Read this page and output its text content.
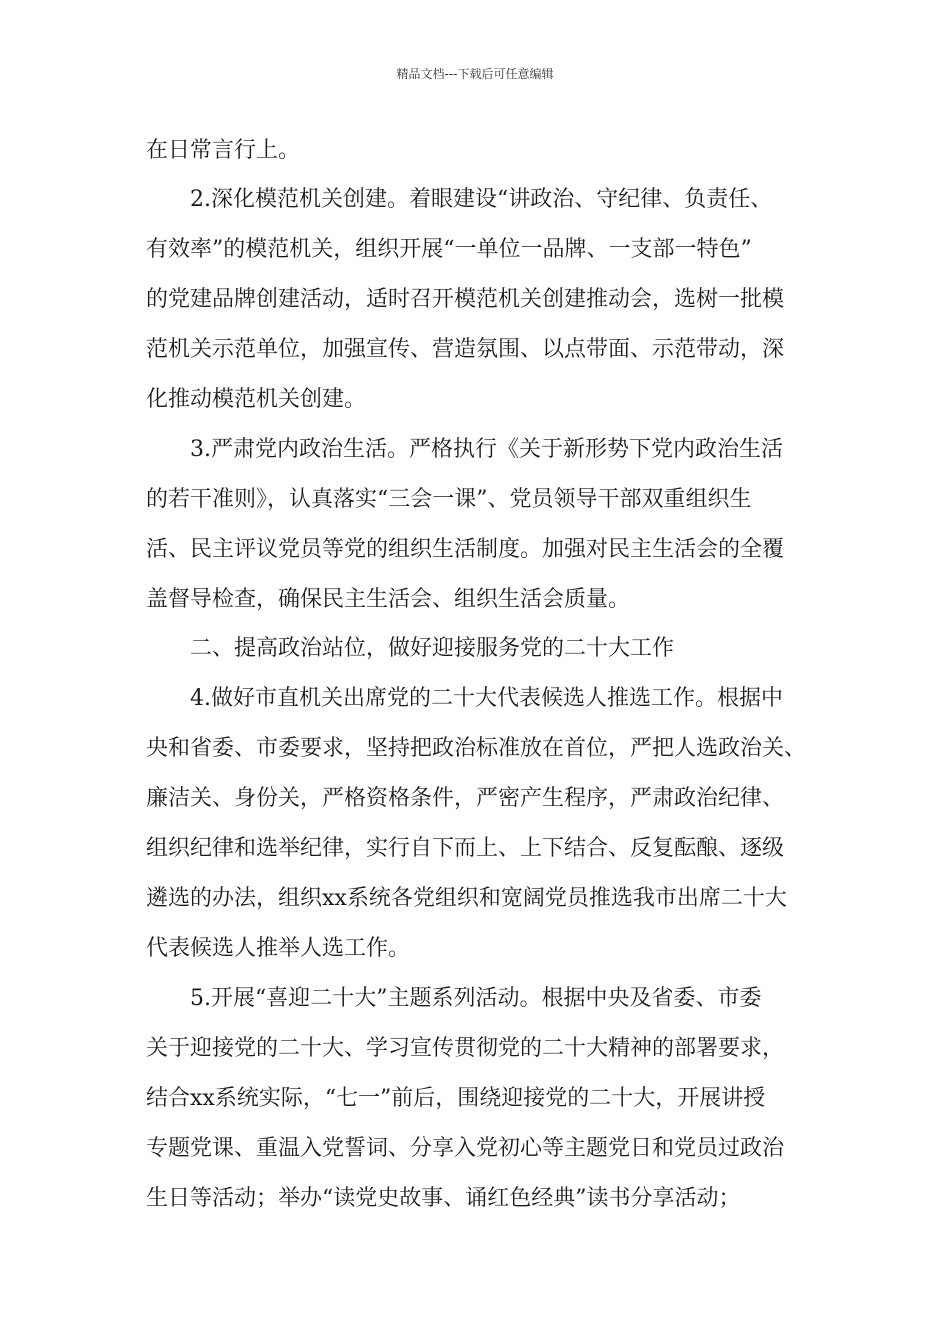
精品文档---下载后可任意编辑
在日常言行上。
2.深化模范机关创建。着眼建设“讲政治、守纪律、负责任、
有效率”的模范机关，组织开展“一单位一品牌、一支部一特色”
的党建品牌创建活动，适时召开模范机关创建推动会，选树一批模
范机关示范单位，加强宣传、营造氛围、以点带面、示范带动，深
化推动模范机关创建。
3.严肃党内政治生活。严格执行《关于新形势下党内政治生活
的若干准则》，认真落实“三会一课”、党员领导干部双重组织生
活、民主评议党员等党的组织生活制度。加强对民主生活会的全覆
盖督导检查，确保民主生活会、组织生活会质量。
二、提高政治站位，做好迎接服务党的二十大工作
4.做好市直机关出席党的二十大代表候选人推选工作。根据中
央和省委、市委要求，坚持把政治标准放在首位，严把人选政治关、
廉洁关、身份关，严格资格条件，严密产生程序，严肃政治纪律、
组织纪律和选举纪律，实行自下而上、上下结合、反复酝酿、逐级
遴选的办法，组织xx系统各党组织和宽阔党员推选我市出席二十大
代表候选人推举人选工作。
5.开展“喜迎二十大”主题系列活动。根据中央及省委、市委
关于迎接党的二十大、学习宣传贯彻党的二十大精神的部署要求，
结合xx系统实际，“七一”前后，围绕迎接党的二十大，开展讲授
专题党课、重温入党誓词、分享入党初心等主题党日和党员过政治
生日等活动；举办“读党史故事、诵红色经典”读书分享活动；
